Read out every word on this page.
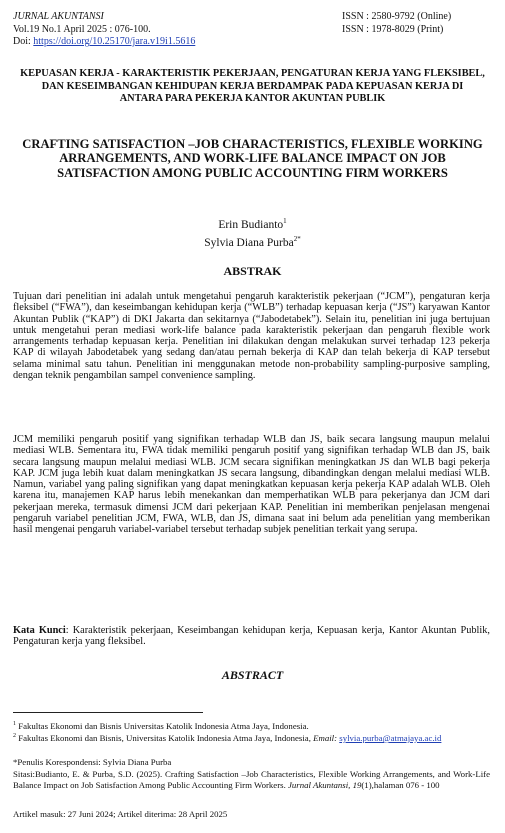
JURNAL AKUNTANSI
Vol.19 No.1 April 2025 : 076-100.
Doi: https://doi.org/10.25170/jara.v19i1.5616
ISSN : 2580-9792 (Online)
ISSN : 1978-8029 (Print)
KEPUASAN KERJA - KARAKTERISTIK PEKERJAAN, PENGATURAN KERJA YANG FLEKSIBEL, DAN KESEIMBANGAN KEHIDUPAN KERJA BERDAMPAK PADA KEPUASAN KERJA DI ANTARA PARA PEKERJA KANTOR AKUNTAN PUBLIK
CRAFTING SATISFACTION –JOB CHARACTERISTICS, FLEXIBLE WORKING ARRANGEMENTS, AND WORK-LIFE BALANCE IMPACT ON JOB SATISFACTION AMONG PUBLIC ACCOUNTING FIRM WORKERS
Erin Budianto$^1$
Sylvia Diana Purba$^{2*}$
ABSTRAK
Tujuan dari penelitian ini adalah untuk mengetahui pengaruh karakteristik pekerjaan (“JCM”), pengaturan kerja fleksibel (“FWA”), dan keseimbangan kehidupan kerja (“WLB”) terhadap kepuasan kerja (“JS”) karyawan Kantor Akuntan Publik (“KAP”) di DKI Jakarta dan sekitarnya (“Jabodetabek”). Selain itu, penelitian ini juga bertujuan untuk mengetahui peran mediasi work-life balance pada karakteristik pekerjaan dan pengaruh flexible work arrangements terhadap kepuasan kerja. Penelitian ini dilakukan dengan melakukan survei terhadap 123 pekerja KAP di wilayah Jabodetabek yang sedang dan/atau pernah bekerja di KAP dan telah bekerja di KAP tersebut selama minimal satu tahun. Penelitian ini menggunakan metode non-probability sampling-purposive sampling, dengan teknik pengambilan sampel convenience sampling.
JCM memiliki pengaruh positif yang signifikan terhadap WLB dan JS, baik secara langsung maupun melalui mediasi WLB. Sementara itu, FWA tidak memiliki pengaruh positif yang signifikan terhadap WLB dan JS, baik secara langsung maupun melalui mediasi WLB. JCM secara signifikan meningkatkan JS dan WLB bagi pekerja KAP. JCM juga lebih kuat dalam meningkatkan JS secara langsung, dibandingkan dengan melalui mediasi WLB. Namun, variabel yang paling signifikan yang dapat meningkatkan kepuasan kerja pekerja KAP adalah WLB. Oleh karena itu, manajemen KAP harus lebih menekankan dan memperhatikan WLB para pekerjanya dan JCM dari pekerjaan mereka, termasuk dimensi JCM dari pekerjaan KAP. Penelitian ini memberikan penjelasan mengenai pengaruh variabel penelitian JCM, FWA, WLB, dan JS, dimana saat ini belum ada penelitian yang memberikan hasil mengenai pengaruh variabel-variabel tersebut terhadap subjek penelitian terkait yang serupa.
Kata Kunci: Karakteristik pekerjaan, Keseimbangan kehidupan kerja, Kepuasan kerja, Kantor Akuntan Publik, Pengaturan kerja yang fleksibel.
ABSTRACT
$^1$ Fakultas Ekonomi dan Bisnis Universitas Katolik Indonesia Atma Jaya, Indonesia.
$^2$ Fakultas Ekonomi dan Bisnis, Universitas Katolik Indonesia Atma Jaya, Indonesia, Email: sylvia.purba@atmajaya.ac.id
*Penulis Korespondensi: Sylvia Diana Purba
Sitasi:Budianto, E. & Purba, S.D. (2025). Crafting Satisfaction –Job Characteristics, Flexible Working Arrangements, and Work-Life Balance Impact on Job Satisfaction Among Public Accounting Firm Workers. Jurnal Akuntansi, 19(1),halaman 076 - 100
Artikel masuk: 27 Juni 2024; Artikel diterima: 28 April 2025
